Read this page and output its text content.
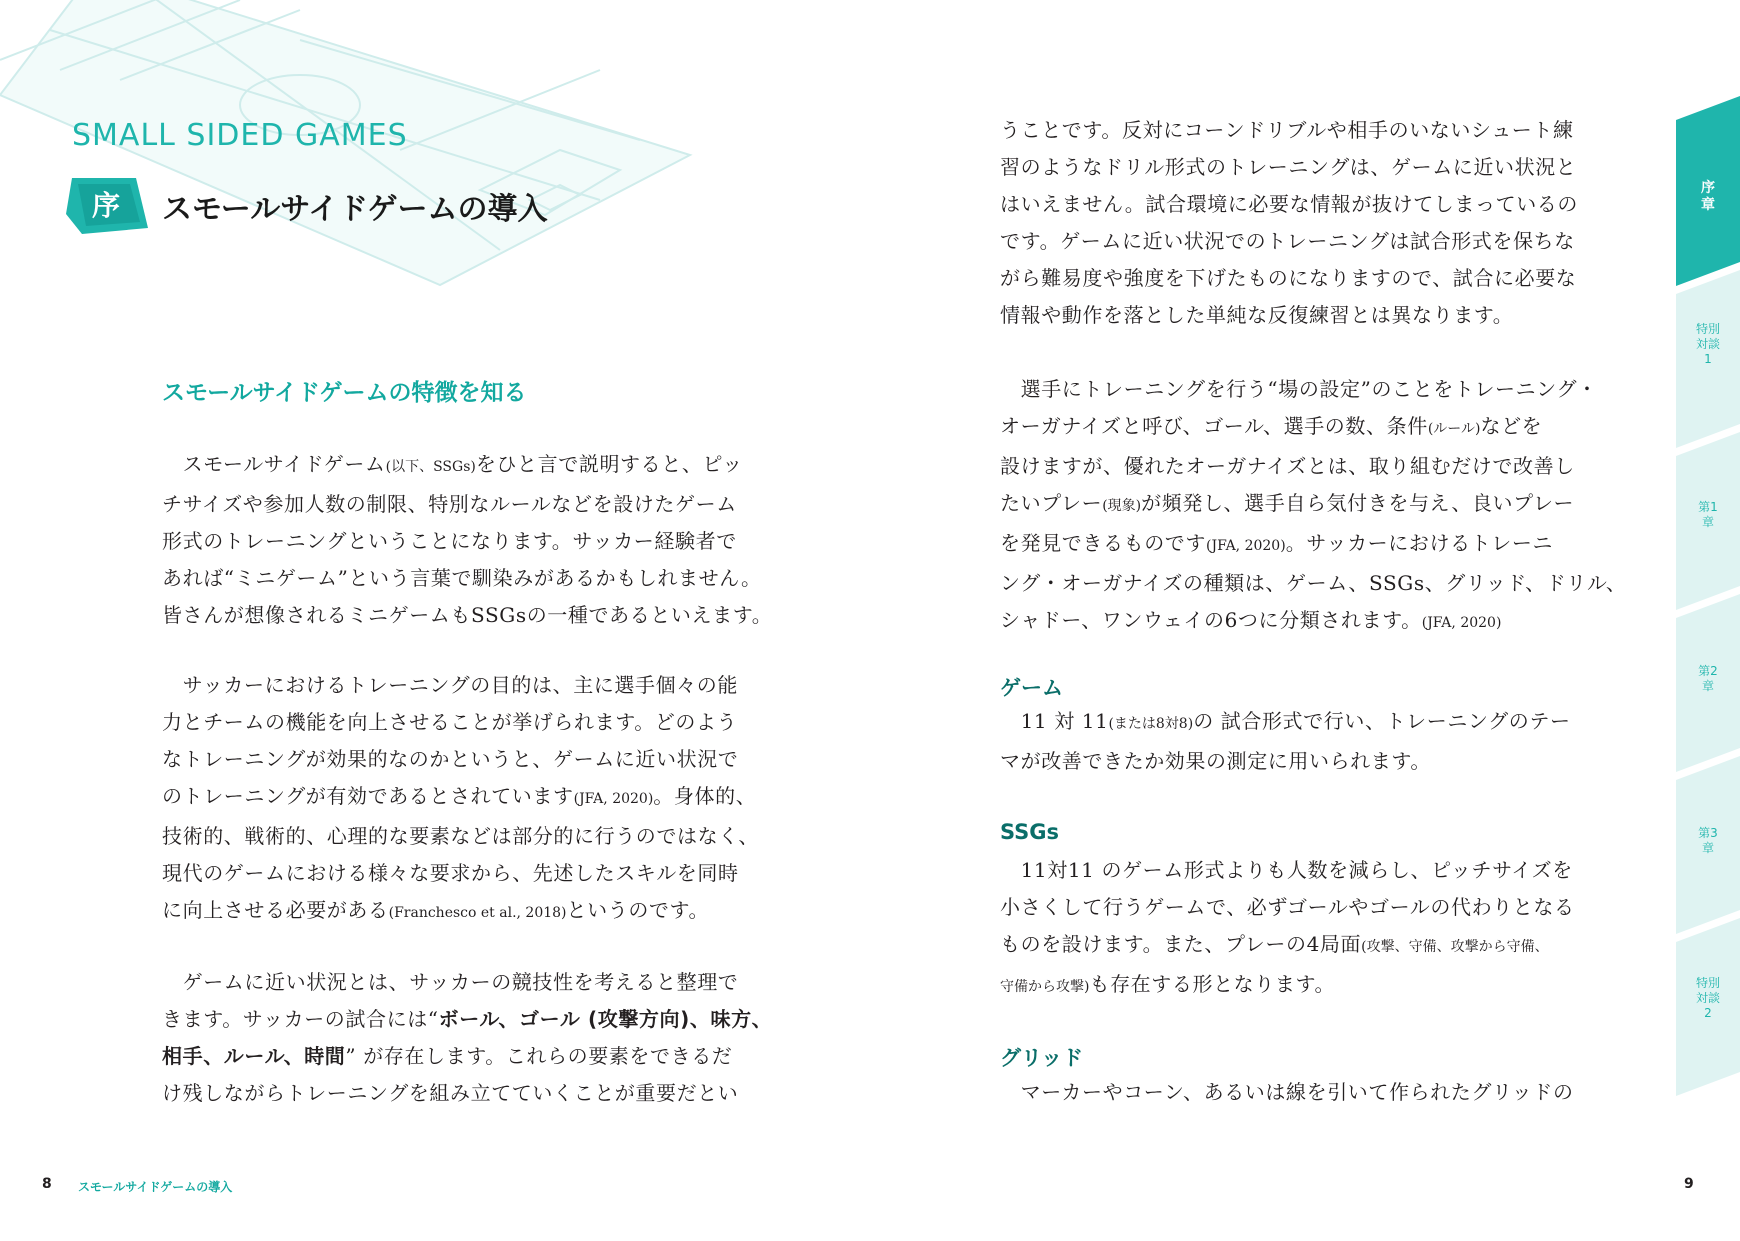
SMALL SIDED GAMES
序 スモールサイドゲームの導入
スモールサイドゲームの特徴を知る

　スモールサイドゲーム(以下、SSGs)をひと言で説明すると、ピッ
チサイズや参加人数の制限、特別なルールなどを設けたゲーム
形式のトレーニングということになります。サッカー経験者で
あれば“ミニゲーム”という言葉で馴染みがあるかもしれません。
皆さんが想像されるミニゲームもSSGsの一種であるといえます。

　サッカーにおけるトレーニングの目的は、主に選手個々の能
力とチームの機能を向上させることが挙げられます。どのよう
なトレーニングが効果的なのかというと、ゲームに近い状況で
のトレーニングが有効であるとされています(JFA, 2020)。身体的、
技術的、戦術的、心理的な要素などは部分的に行うのではなく、
現代のゲームにおける様々な要求から、先述したスキルを同時
に向上させる必要がある(Franchesco et al., 2018)というのです。

　ゲームに近い状況とは、サッカーの競技性を考えると整理で
きます。サッカーの試合には“ボール、ゴール (攻撃方向)、味方、
相手、ルール、時間” が存在します。これらの要素をできるだ
け残しながらトレーニングを組み立てていくことが重要だとい

8 スモールサイドゲームの導入

うことです。反対にコーンドリブルや相手のいないシュート練
習のようなドリル形式のトレーニングは、ゲームに近い状況と
はいえません。試合環境に必要な情報が抜けてしまっているの
です。ゲームに近い状況でのトレーニングは試合形式を保ちな
がら難易度や強度を下げたものになりますので、試合に必要な
情報や動作を落とした単純な反復練習とは異なります。

　選手にトレーニングを行う“場の設定”のことをトレーニング・
オーガナイズと呼び、ゴール、選手の数、条件(ルール)などを
設けますが、優れたオーガナイズとは、取り組むだけで改善し
たいプレー(現象)が頻発し、選手自ら気付きを与え、良いプレー
を発見できるものです(JFA, 2020)。サッカーにおけるトレーニ
ング・オーガナイズの種類は、ゲーム、SSGs、グリッド、ドリル、
シャドー、ワンウェイの6つに分類されます。(JFA, 2020)

ゲーム

　11 対 11(または8対8)の 試合形式で行い、トレーニングのテー
マが改善できたか効果の測定に用いられます。

SSGs

　11対11 のゲーム形式よりも人数を減らし、ピッチサイズを
小さくして行うゲームで、必ずゴールやゴールの代わりとなる
ものを設けます。また、プレーの4局面(攻撃、守備、攻撃から守備、
守備から攻撃)も存在する形となります。

グリッド

　マーカーやコーン、あるいは線を引いて作られたグリッドの

9
序章
特別対談1
第1章
第2章
第3章
特別対談2
